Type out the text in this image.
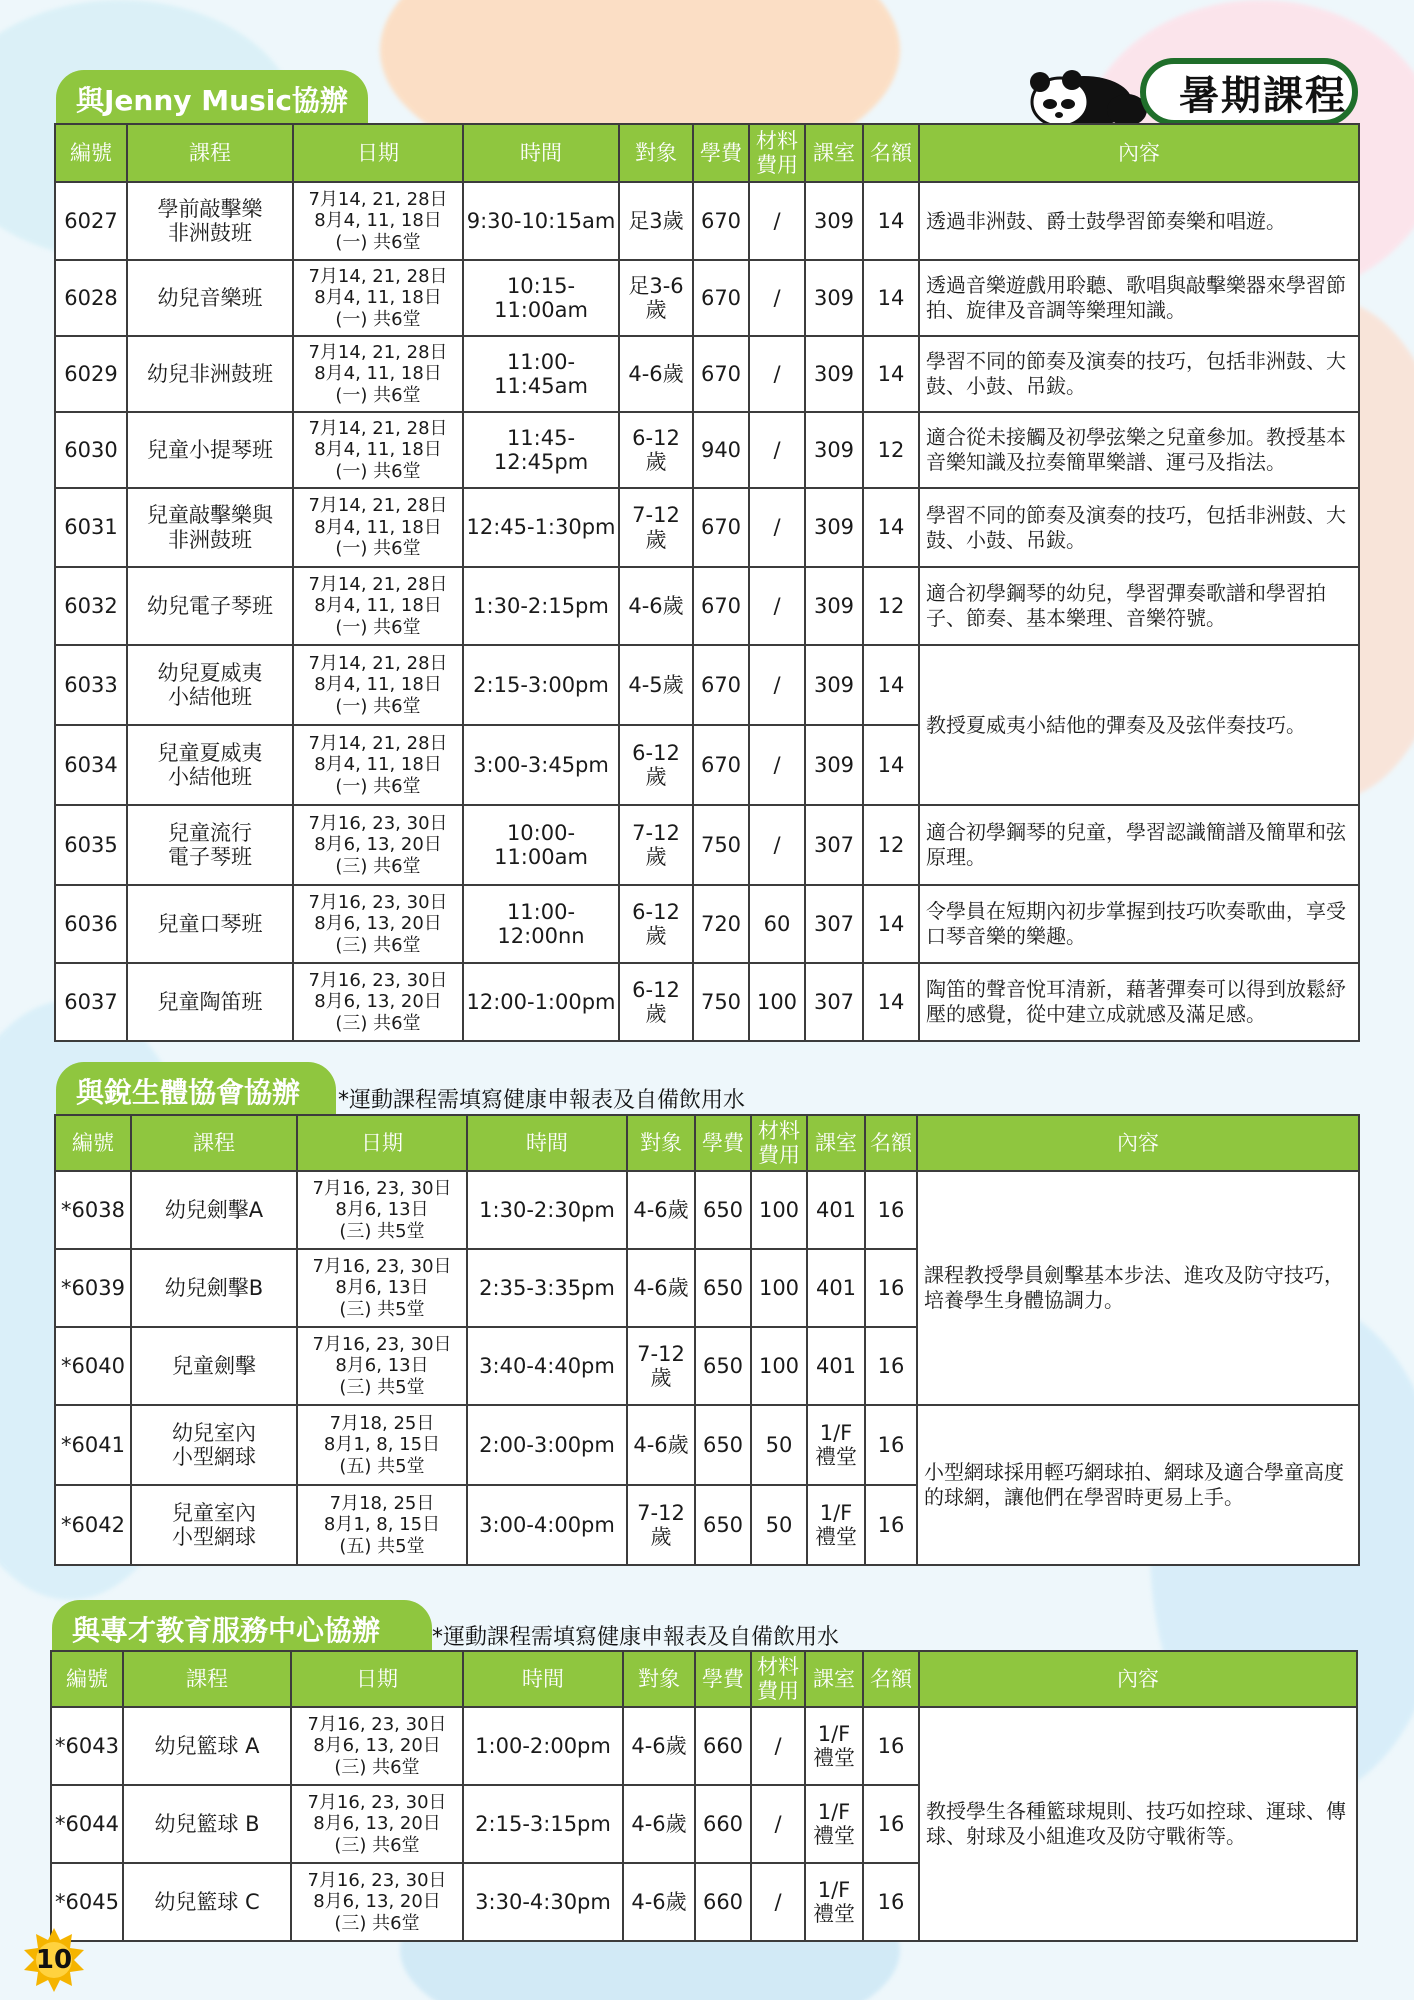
暑期課程
與Jenny Music協辦
編號	課程	日期	時間	對象	學費	材料
費用	課室	名額	內容
6027	學前敲擊樂
非洲鼓班	7月14, 21, 28日
8月4, 11, 18日
(一) 共6堂	9:30-10:15am	足3歲	670	/	309	14	透過非洲鼓、爵士鼓學習節奏樂和唱遊。
6028	幼兒音樂班	7月14, 21, 28日
8月4, 11, 18日
(一) 共6堂	10:15-11:00am	足3-6
歲	670	/	309	14	透過音樂遊戲用聆聽、歌唱與敲擊樂器來學習節拍、旋律及音調等樂理知識。
6029	幼兒非洲鼓班	7月14, 21, 28日
8月4, 11, 18日
(一) 共6堂	11:00-11:45am	4-6歲	670	/	309	14	學習不同的節奏及演奏的技巧，包括非洲鼓、大鼓、小鼓、吊鈸。
6030	兒童小提琴班	7月14, 21, 28日
8月4, 11, 18日
(一) 共6堂	11:45-12:45pm	6-12歲	940	/	309	12	適合從未接觸及初學弦樂之兒童參加。教授基本音樂知識及拉奏簡單樂譜、運弓及指法。
6031	兒童敲擊樂與
非洲鼓班	7月14, 21, 28日
8月4, 11, 18日
(一) 共6堂	12:45-1:30pm	7-12歲	670	/	309	14	學習不同的節奏及演奏的技巧，包括非洲鼓、大鼓、小鼓、吊鈸。
6032	幼兒電子琴班	7月14, 21, 28日
8月4, 11, 18日
(一) 共6堂	1:30-2:15pm	4-6歲	670	/	309	12	適合初學鋼琴的幼兒，學習彈奏歌譜和學習拍子、節奏、基本樂理、音樂符號。
6033	幼兒夏威夷
小結他班	7月14, 21, 28日
8月4, 11, 18日
(一) 共6堂	2:15-3:00pm	4-5歲	670	/	309	14	教授夏威夷小結他的彈奏及及弦伴奏技巧。
6034	兒童夏威夷
小結他班	7月14, 21, 28日
8月4, 11, 18日
(一) 共6堂	3:00-3:45pm	6-12歲	670	/	309	14	
6035	兒童流行
電子琴班	7月16, 23, 30日
8月6, 13, 20日
(三) 共6堂	10:00-11:00am	7-12歲	750	/	307	12	適合初學鋼琴的兒童，學習認識簡譜及簡單和弦原理。
6036	兒童口琴班	7月16, 23, 30日
8月6, 13, 20日
(三) 共6堂	11:00-12:00nn	6-12歲	720	60	307	14	令學員在短期內初步掌握到技巧吹奏歌曲，享受口琴音樂的樂趣。
6037	兒童陶笛班	7月16, 23, 30日
8月6, 13, 20日
(三) 共6堂	12:00-1:00pm	6-12歲	750	100	307	14	陶笛的聲音悅耳清新，藉著彈奏可以得到放鬆紓壓的感覺，從中建立成就感及滿足感。
與銳生體協會協辦	*運動課程需填寫健康申報表及自備飲用水
編號	課程	日期	時間	對象	學費	材料
費用	課室	名額	內容
*6038	幼兒劍擊A	7月16, 23, 30日
8月6, 13日
(三) 共5堂	1:30-2:30pm	4-6歲	650	100	401	16	課程教授學員劍擊基本步法、進攻及防守技巧，培養學生身體協調力。
*6039	幼兒劍擊B	7月16, 23, 30日
8月6, 13日
(三) 共5堂	2:35-3:35pm	4-6歲	650	100	401	16	
*6040	兒童劍擊	7月16, 23, 30日
8月6, 13日
(三) 共5堂	3:40-4:40pm	7-12歲	650	100	401	16	
*6041	幼兒室內
小型網球	7月18, 25日
8月1, 8, 15日
(五) 共5堂	2:00-3:00pm	4-6歲	650	50	1/F
禮堂	16	小型網球採用輕巧網球拍、網球及適合學童高度的球網，讓他們在學習時更易上手。
*6042	兒童室內
小型網球	7月18, 25日
8月1, 8, 15日
(五) 共5堂	3:00-4:00pm	7-12歲	650	50	1/F
禮堂	16	
與專才教育服務中心協辦	*運動課程需填寫健康申報表及自備飲用水
編號	課程	日期	時間	對象	學費	材料
費用	課室	名額	內容
*6043	幼兒籃球 A	7月16, 23, 30日
8月6, 13, 20日
(三) 共6堂	1:00-2:00pm	4-6歲	660	/	1/F
禮堂	16	教授學生各種籃球規則、技巧如控球、運球、傳球、射球及小組進攻及防守戰術等。
*6044	幼兒籃球 B	7月16, 23, 30日
8月6, 13, 20日
(三) 共6堂	2:15-3:15pm	4-6歲	660	/	1/F
禮堂	16	
*6045	幼兒籃球 C	7月16, 23, 30日
8月6, 13, 20日
(三) 共6堂	3:30-4:30pm	4-6歲	660	/	1/F
禮堂	16	
10
